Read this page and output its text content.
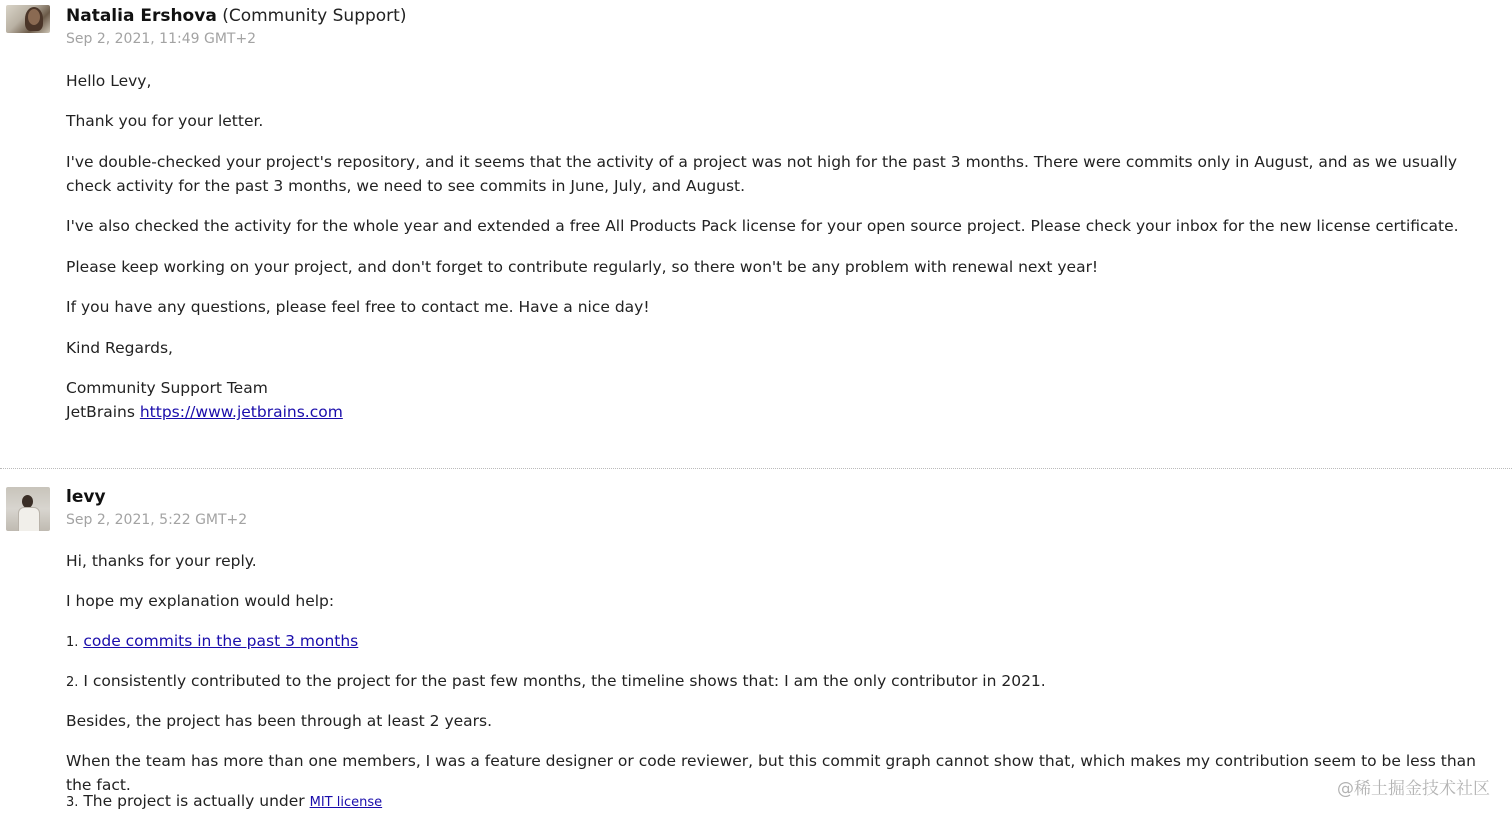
Natalia Ershova (Community Support)
Sep 2, 2021, 11:49 GMT+2
Hello Levy,
Thank you for your letter.
I've double-checked your project's repository, and it seems that the activity of a project was not high for the past 3 months. There were commits only in August, and as we usually check activity for the past 3 months, we need to see commits in June, July, and August.
I've also checked the activity for the whole year and extended a free All Products Pack license for your open source project. Please check your inbox for the new license certificate.
Please keep working on your project, and don't forget to contribute regularly, so there won't be any problem with renewal next year!
If you have any questions, please feel free to contact me. Have a nice day!
Kind Regards,
Community Support Team
JetBrains https://www.jetbrains.com
levy
Sep 2, 2021, 5:22 GMT+2
Hi, thanks for your reply.
I hope my explanation would help:
1. code commits in the past 3 months
2. I consistently contributed to the project for the past few months, the timeline shows that: I am the only contributor in 2021.
Besides, the project has been through at least 2 years.
When the team has more than one members, I was a feature designer or code reviewer, but this commit graph cannot show that, which makes my contribution seem to be less than the fact.
3. The project is actually under MIT license
@稀土掘金技术社区
